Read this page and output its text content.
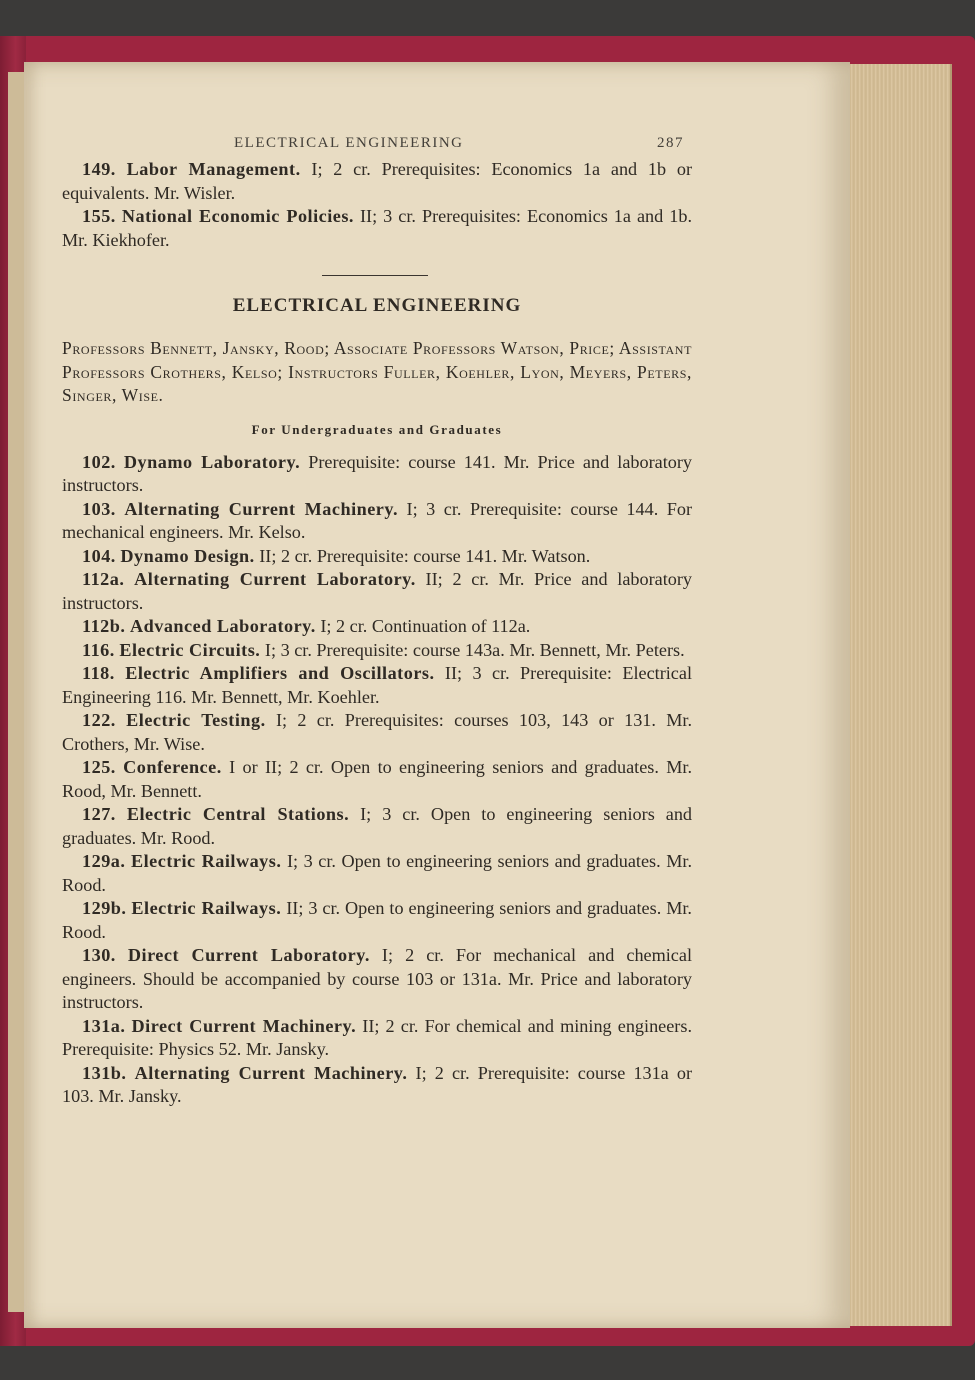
ELECTRICAL ENGINEERING	287

149. Labor Management. I; 2 cr. Prerequisites: Economics 1a and 1b or equivalents. Mr. Wisler.

155. National Economic Policies. II; 3 cr. Prerequisites: Economics 1a and 1b. Mr. Kiekhofer.

ELECTRICAL ENGINEERING

Professors Bennett, Jansky, Rood; Associate Professors Watson, Price; Assistant Professors Crothers, Kelso; Instructors Fuller, Koehler, Lyon, Meyers, Peters, Singer, Wise.

For Undergraduates and Graduates

102. Dynamo Laboratory. Prerequisite: course 141. Mr. Price and laboratory instructors.

103. Alternating Current Machinery. I; 3 cr. Prerequisite: course 144. For mechanical engineers. Mr. Kelso.

104. Dynamo Design. II; 2 cr. Prerequisite: course 141. Mr. Watson.

112a. Alternating Current Laboratory. II; 2 cr. Mr. Price and laboratory instructors.

112b. Advanced Laboratory. I; 2 cr. Continuation of 112a.

116. Electric Circuits. I; 3 cr. Prerequisite: course 143a. Mr. Bennett, Mr. Peters.

118. Electric Amplifiers and Oscillators. II; 3 cr. Prerequisite: Electrical Engineering 116. Mr. Bennett, Mr. Koehler.

122. Electric Testing. I; 2 cr. Prerequisites: courses 103, 143 or 131. Mr. Crothers, Mr. Wise.

125. Conference. I or II; 2 cr. Open to engineering seniors and graduates. Mr. Rood, Mr. Bennett.

127. Electric Central Stations. I; 3 cr. Open to engineering seniors and graduates. Mr. Rood.

129a. Electric Railways. I; 3 cr. Open to engineering seniors and graduates. Mr. Rood.

129b. Electric Railways. II; 3 cr. Open to engineering seniors and graduates. Mr. Rood.

130. Direct Current Laboratory. I; 2 cr. For mechanical and chemical engineers. Should be accompanied by course 103 or 131a. Mr. Price and laboratory instructors.

131a. Direct Current Machinery. II; 2 cr. For chemical and mining engineers. Prerequisite: Physics 52. Mr. Jansky.

131b. Alternating Current Machinery. I; 2 cr. Prerequisite: course 131a or 103. Mr. Jansky.
